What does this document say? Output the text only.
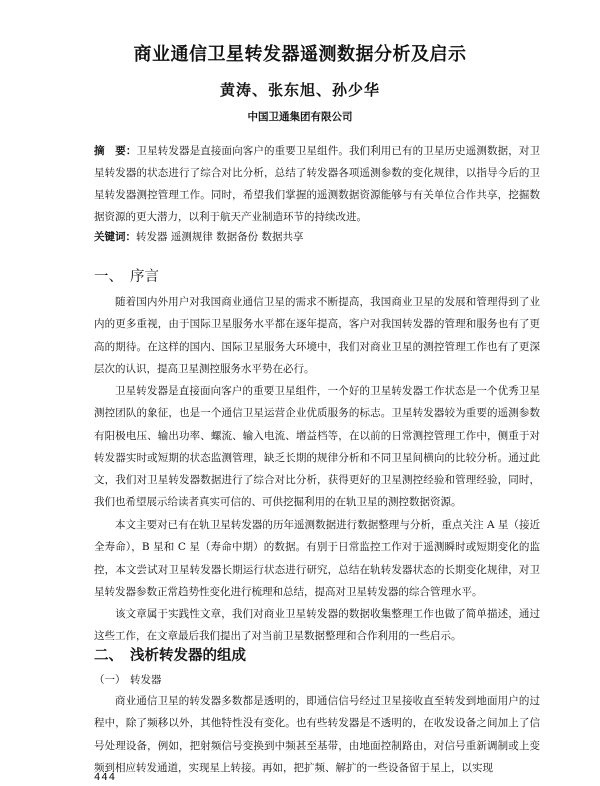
商业通信卫星转发器遥测数据分析及启示
黄涛、张东旭、孙少华
中国卫通集团有限公司
摘　要：卫星转发器是直接面向客户的重要卫星组件。我们利用已有的卫星历史遥测数据，对卫星转发器的状态进行了综合对比分析，总结了转发器各项遥测参数的变化规律，以指导今后的卫星转发器测控管理工作。同时，希望我们掌握的遥测数据资源能够与有关单位合作共享，挖掘数据资源的更大潜力，以利于航天产业制造环节的持续改进。
关键词：转发器 遥测规律 数据备份 数据共享
一、 序言

随着国内外用户对我国商业通信卫星的需求不断提高，我国商业卫星的发展和管理得到了业内的更多重视，由于国际卫星服务水平都在逐年提高，客户对我国转发器的管理和服务也有了更高的期待。在这样的国内、国际卫星服务大环境中，我们对商业卫星的测控管理工作也有了更深层次的认识，提高卫星测控服务水平势在必行。

卫星转发器是直接面向客户的重要卫星组件，一个好的卫星转发器工作状态是一个优秀卫星测控团队的象征，也是一个通信卫星运营企业优质服务的标志。卫星转发器较为重要的遥测参数有阳极电压、输出功率、螺流、输入电流、增益档等，在以前的日常测控管理工作中，侧重于对转发器实时或短期的状态监测管理，缺乏长期的规律分析和不同卫星间横向的比较分析。通过此文，我们对卫星转发器数据进行了综合对比分析，获得更好的卫星测控经验和管理经验，同时，我们也希望展示给读者真实可信的、可供挖掘利用的在轨卫星的测控数据资源。

本文主要对已有在轨卫星转发器的历年遥测数据进行数据整理与分析，重点关注 A 星（接近全寿命），B 星和 C 星（寿命中期）的数据。有别于日常监控工作对于遥测瞬时或短期变化的监控，本文尝试对卫星转发器长期运行状态进行研究，总结在轨转发器状态的长期变化规律，对卫星转发器参数正常趋势性变化进行梳理和总结，提高对卫星转发器的综合管理水平。

该文章属于实践性文章，我们对商业卫星转发器的数据收集整理工作也做了简单描述，通过这些工作，在文章最后我们提出了对当前卫星数据整理和合作利用的一些启示。

二、 浅析转发器的组成
（一） 转发器

商业通信卫星的转发器多数都是透明的，即通信信号经过卫星接收直至转发到地面用户的过程中，除了频移以外，其他特性没有变化。也有些转发器是不透明的，在收发设备之间加上了信号处理设备，例如，把射频信号变换到中频甚至基带，由地面控制路由，对信号重新调制或上变频到相应转发通道，实现星上转接。再如，把扩频、解扩的一些设备留于星上，以实现

444
